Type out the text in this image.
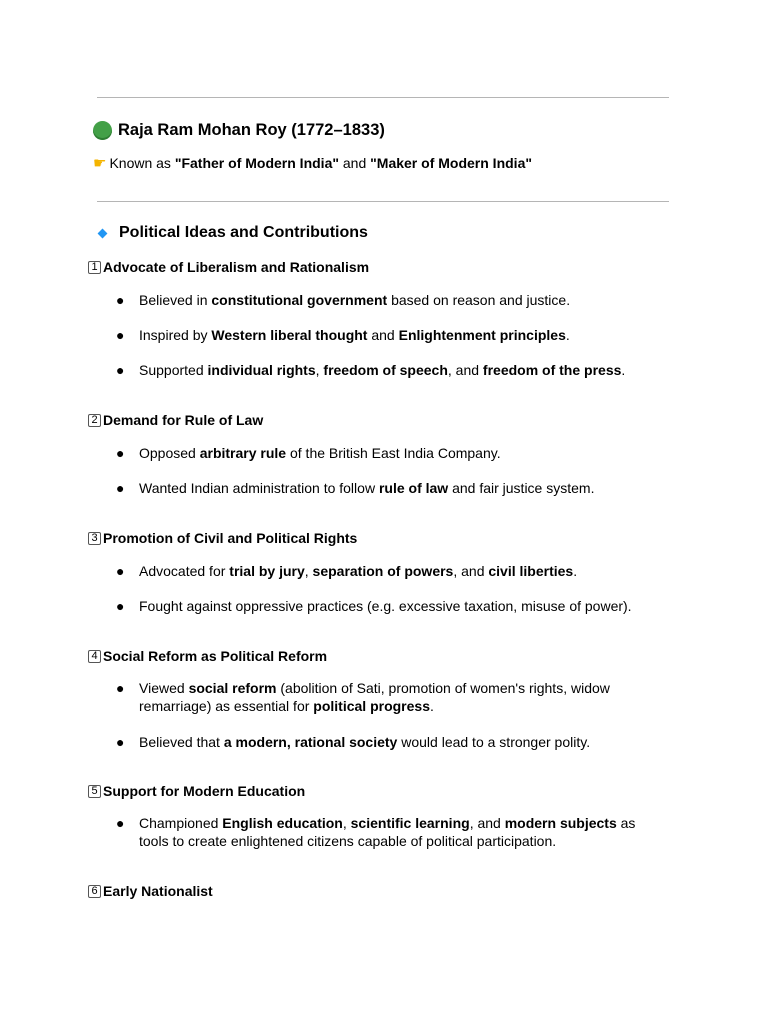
Raja Ram Mohan Roy (1772–1833)
☛ Known as "Father of Modern India" and "Maker of Modern India"
Political Ideas and Contributions
1 Advocate of Liberalism and Rationalism
● Believed in constitutional government based on reason and justice.
● Inspired by Western liberal thought and Enlightenment principles.
● Supported individual rights, freedom of speech, and freedom of the press.
2 Demand for Rule of Law
● Opposed arbitrary rule of the British East India Company.
● Wanted Indian administration to follow rule of law and fair justice system.
3 Promotion of Civil and Political Rights
● Advocated for trial by jury, separation of powers, and civil liberties.
● Fought against oppressive practices (e.g. excessive taxation, misuse of power).
4 Social Reform as Political Reform
● Viewed social reform (abolition of Sati, promotion of women's rights, widow remarriage) as essential for political progress.
● Believed that a modern, rational society would lead to a stronger polity.
5 Support for Modern Education
● Championed English education, scientific learning, and modern subjects as tools to create enlightened citizens capable of political participation.
6 Early Nationalist
